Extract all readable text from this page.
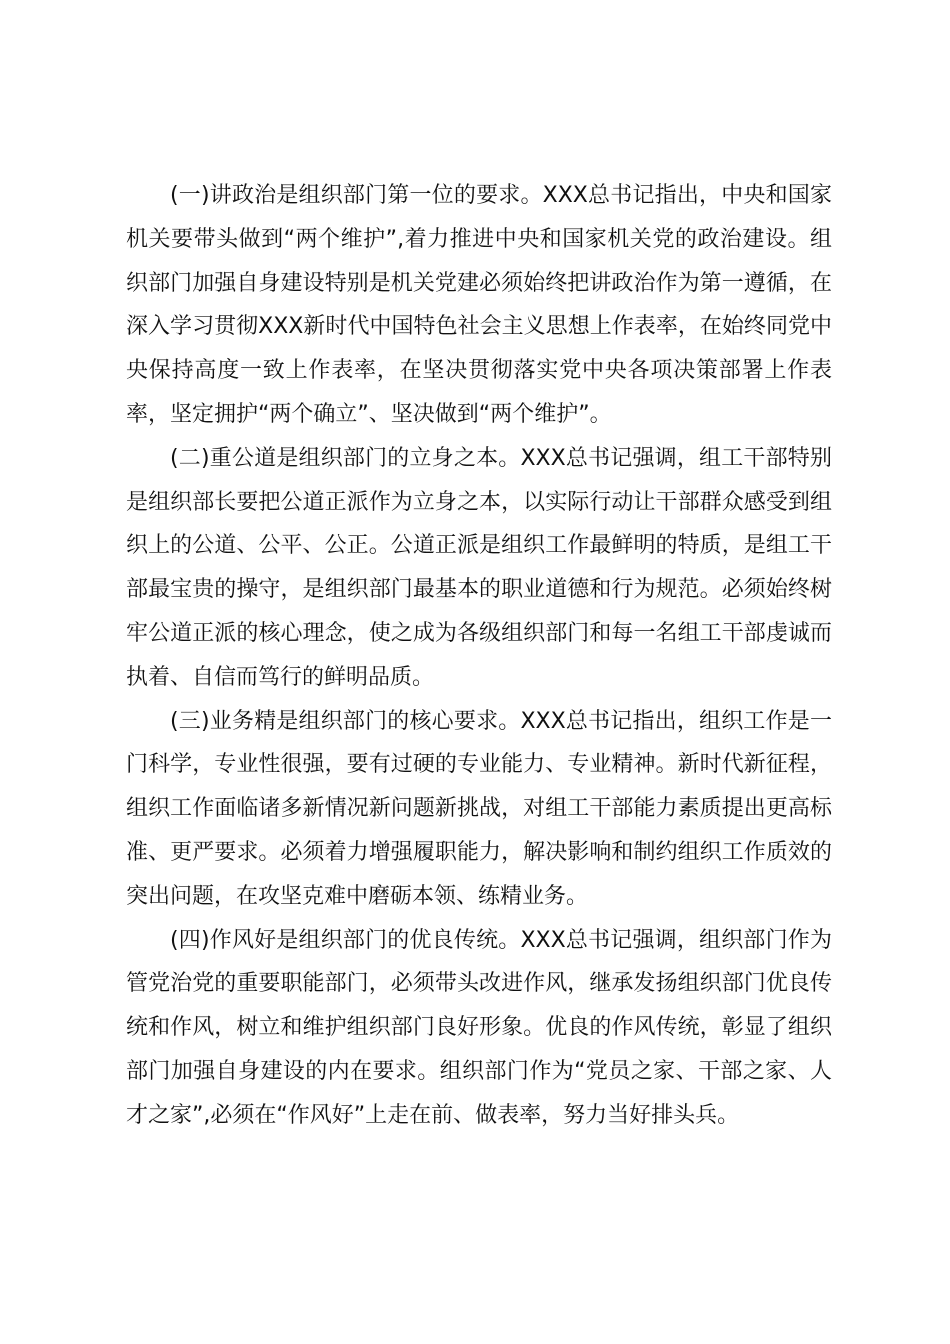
(一)讲政治是组织部门第一位的要求。XXX总书记指出，中央和国家机关要带头做到“两个维护”,着力推进中央和国家机关党的政治建设。组织部门加强自身建设特别是机关党建必须始终把讲政治作为第一遵循，在深入学习贯彻XXX新时代中国特色社会主义思想上作表率，在始终同党中央保持高度一致上作表率，在坚决贯彻落实党中央各项决策部署上作表率，坚定拥护“两个确立”、坚决做到“两个维护”。

(二)重公道是组织部门的立身之本。XXX总书记强调，组工干部特别是组织部长要把公道正派作为立身之本，以实际行动让干部群众感受到组织上的公道、公平、公正。公道正派是组织工作最鲜明的特质，是组工干部最宝贵的操守，是组织部门最基本的职业道德和行为规范。必须始终树牢公道正派的核心理念，使之成为各级组织部门和每一名组工干部虔诚而执着、自信而笃行的鲜明品质。

(三)业务精是组织部门的核心要求。XXX总书记指出，组织工作是一门科学，专业性很强，要有过硬的专业能力、专业精神。新时代新征程，组织工作面临诸多新情况新问题新挑战，对组工干部能力素质提出更高标准、更严要求。必须着力增强履职能力，解决影响和制约组织工作质效的突出问题，在攻坚克难中磨砺本领、练精业务。

(四)作风好是组织部门的优良传统。XXX总书记强调，组织部门作为管党治党的重要职能部门，必须带头改进作风，继承发扬组织部门优良传统和作风，树立和维护组织部门良好形象。优良的作风传统，彰显了组织部门加强自身建设的内在要求。组织部门作为“党员之家、干部之家、人才之家”,必须在“作风好”上走在前、做表率，努力当好排头兵。
